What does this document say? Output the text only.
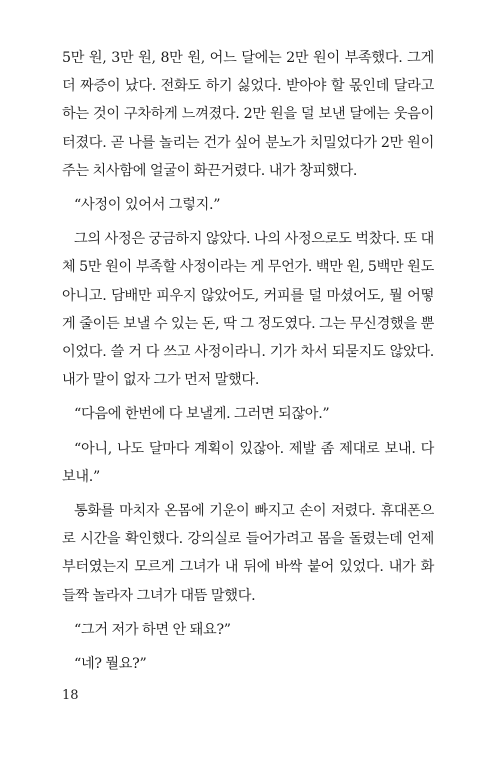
5만 원, 3만 원, 8만 원, 어느 달에는 2만 원이 부족했다. 그게 더 짜증이 났다. 전화도 하기 싫었다. 받아야 할 몫인데 달라고 하는 것이 구차하게 느껴졌다. 2만 원을 덜 보낸 달에는 웃음이 터졌다. 곧 나를 놀리는 건가 싶어 분노가 치밀었다가 2만 원이 주는 치사함에 얼굴이 화끈거렸다. 내가 창피했다.

“사정이 있어서 그렇지.”

그의 사정은 궁금하지 않았다. 나의 사정으로도 벅찼다. 또 대체 5만 원이 부족할 사정이라는 게 무언가. 백만 원, 5백만 원도 아니고. 담배만 피우지 않았어도, 커피를 덜 마셨어도, 뭘 어떻게 줄이든 보낼 수 있는 돈, 딱 그 정도였다. 그는 무신경했을 뿐이었다. 쓸 거 다 쓰고 사정이라니. 기가 차서 되묻지도 않았다. 내가 말이 없자 그가 먼저 말했다.

“다음에 한번에 다 보낼게. 그러면 되잖아.”

“아니, 나도 달마다 계획이 있잖아. 제발 좀 제대로 보내. 다 보내.”

통화를 마치자 온몸에 기운이 빠지고 손이 저렸다. 휴대폰으로 시간을 확인했다. 강의실로 들어가려고 몸을 돌렸는데 언제부터였는지 모르게 그녀가 내 뒤에 바싹 붙어 있었다. 내가 화들짝 놀라자 그녀가 대뜸 말했다.

“그거 저가 하면 안 돼요?”

“네? 뭘요?”

18
